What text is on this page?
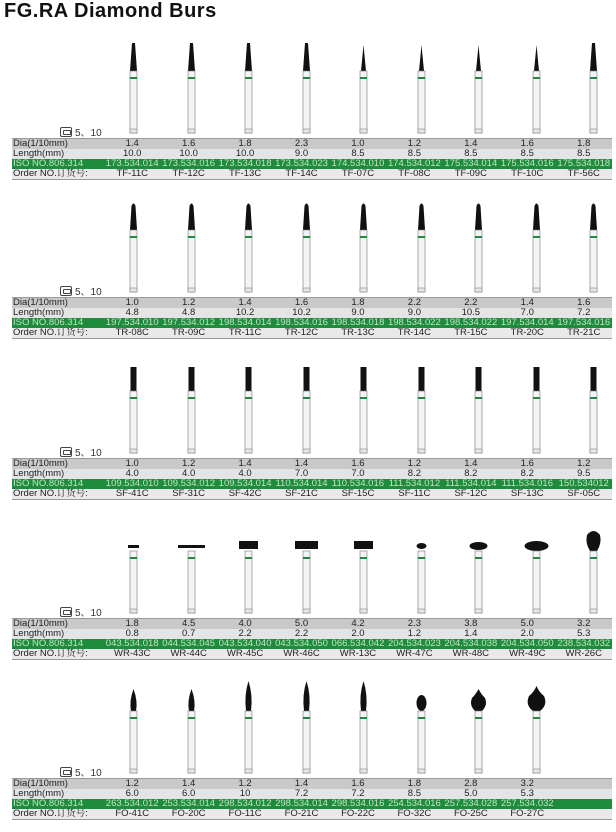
FG.RA Diamond Burs
5、10
Dia(1/10mm)	1.4	1.6	1.8	2.3	1.0	1.2	1.4	1.6	1.8
Length(mm)	10.0	10.0	10.0	9.0	8.5	8.5	8.5	8.5	8.5
ISO NO.806.314	173.534.014	173.534.016	173.534.018	173.534.023	174.534.010	174.534.012	175.534.014	175.534.016	175.534.018
Order NO.订货号:	TF-11C	TF-12C	TF-13C	TF-14C	TF-07C	TF-08C	TF-09C	TF-10C	TF-56C
5、10
Dia(1/10mm)	1.0	1.2	1.4	1.6	1.8	2.2	2.2	1.4	1.6
Length(mm)	4.8	4.8	10.2	10.2	9.0	9.0	10.5	7.0	7.2
ISO NO.806.314	197.534.010	197.534.012	198.534.014	198.534.016	198.534.018	198.534.022	198.534.022	197.534.014	197.534.016
Order NO.订货号:	TR-08C	TR-09C	TR-11C	TR-12C	TR-13C	TR-14C	TR-15C	TR-20C	TR-21C
5、10
Dia(1/10mm)	1.0	1.2	1.4	1.4	1.6	1.2	1.4	1.6	1.2
Length(mm)	4.0	4.0	4.0	7.0	7.0	8.2	8.2	8.2	9.5
ISO NO.806.314	109.534.010	109.534.012	109.534.014	110.534.014	110.534.016	111.534.012	111.534.014	111.534.016	150.534012
Order NO.订货号:	SF-41C	SF-31C	SF-42C	SF-21C	SF-15C	SF-11C	SF-12C	SF-13C	SF-05C
5、10
Dia(1/10mm)	1.8	4.5	4.0	5.0	4.2	2.3	3.8	5.0	3.2
Length(mm)	0.8	0.7	2.2	2.2	2.0	1.2	1.4	2.0	5.3
ISO NO.806.314	043.534.018	044.534.045	043.534.040	043.534.050	066.534.042	204.534.023	204.534.038	204.534.050	238.534.032
Order NO.订货号:	WR-43C	WR-44C	WR-45C	WR-46C	WR-13C	WR-47C	WR-48C	WR-49C	WR-26C
5、10
Dia(1/10mm)	1.2	1.4	1.2	1.4	1.6	1.8	2.8	3.2	
Length(mm)	6.0	6.0	10	7.2	7.2	8.5	5.0	5.3	
ISO NO.806.314	263.534.012	253.534.014	298.534.012	298.534.014	298.534.016	254.534.016	257.534.028	257.534.032	
Order NO.订货号:	FO-41C	FO-20C	FO-11C	FO-21C	FO-22C	FO-32C	FO-25C	FO-27C	
